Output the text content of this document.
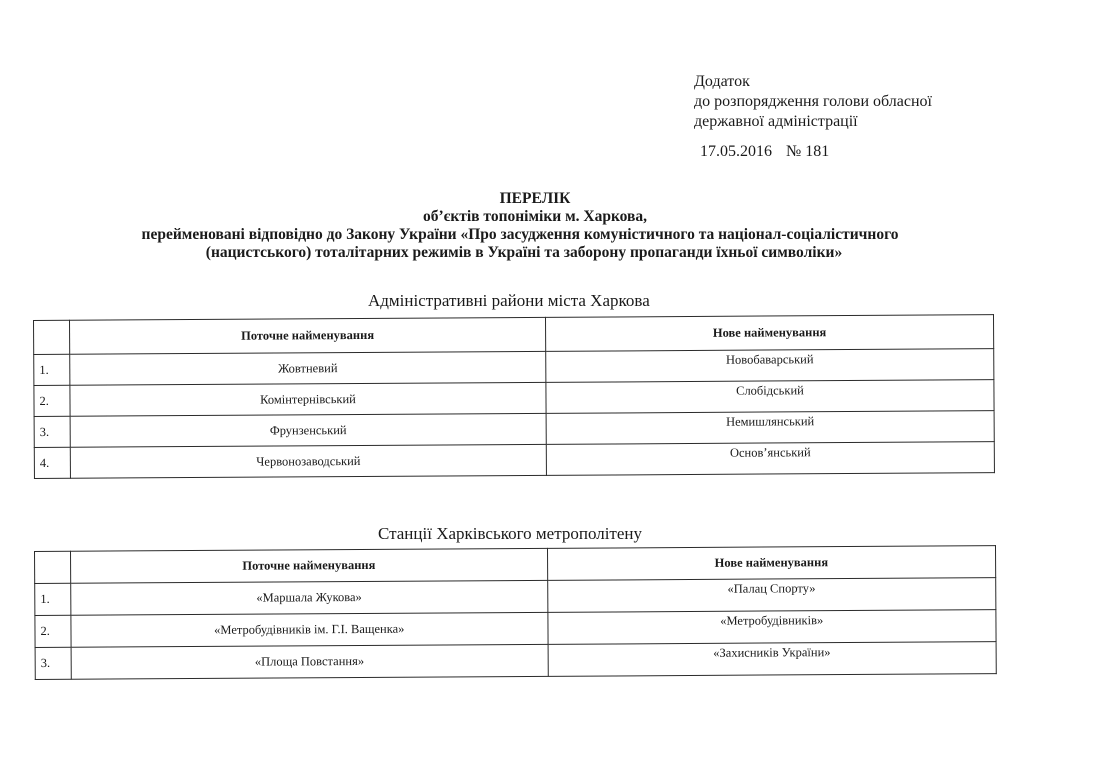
Додаток
до розпорядження голови обласної
державної адміністрації
17.05.2016 № 181
ПЕРЕЛІК
об’єктів топоніміки м. Харкова,
перейменовані відповідно до Закону України «Про засудження комуністичного та націонал-соціалістичного
(нацистського) тоталітарних режимів в Україні та заборону пропаганди їхньої символіки»
Адміністративні райони міста Харкова
	Поточне найменування	Нове найменування
1.	Жовтневий	Новобаварський
2.	Комінтернівський	Слобідський
3.	Фрунзенський	Немишлянський
4.	Червонозаводський	Основ’янський
Станції Харківського метрополітену
	Поточне найменування	Нове найменування
1.	«Маршала Жукова»	«Палац Спорту»
2.	«Метробудівників ім. Г.І. Ващенка»	«Метробудівників»
3.	«Площа Повстання»	«Захисників України»
